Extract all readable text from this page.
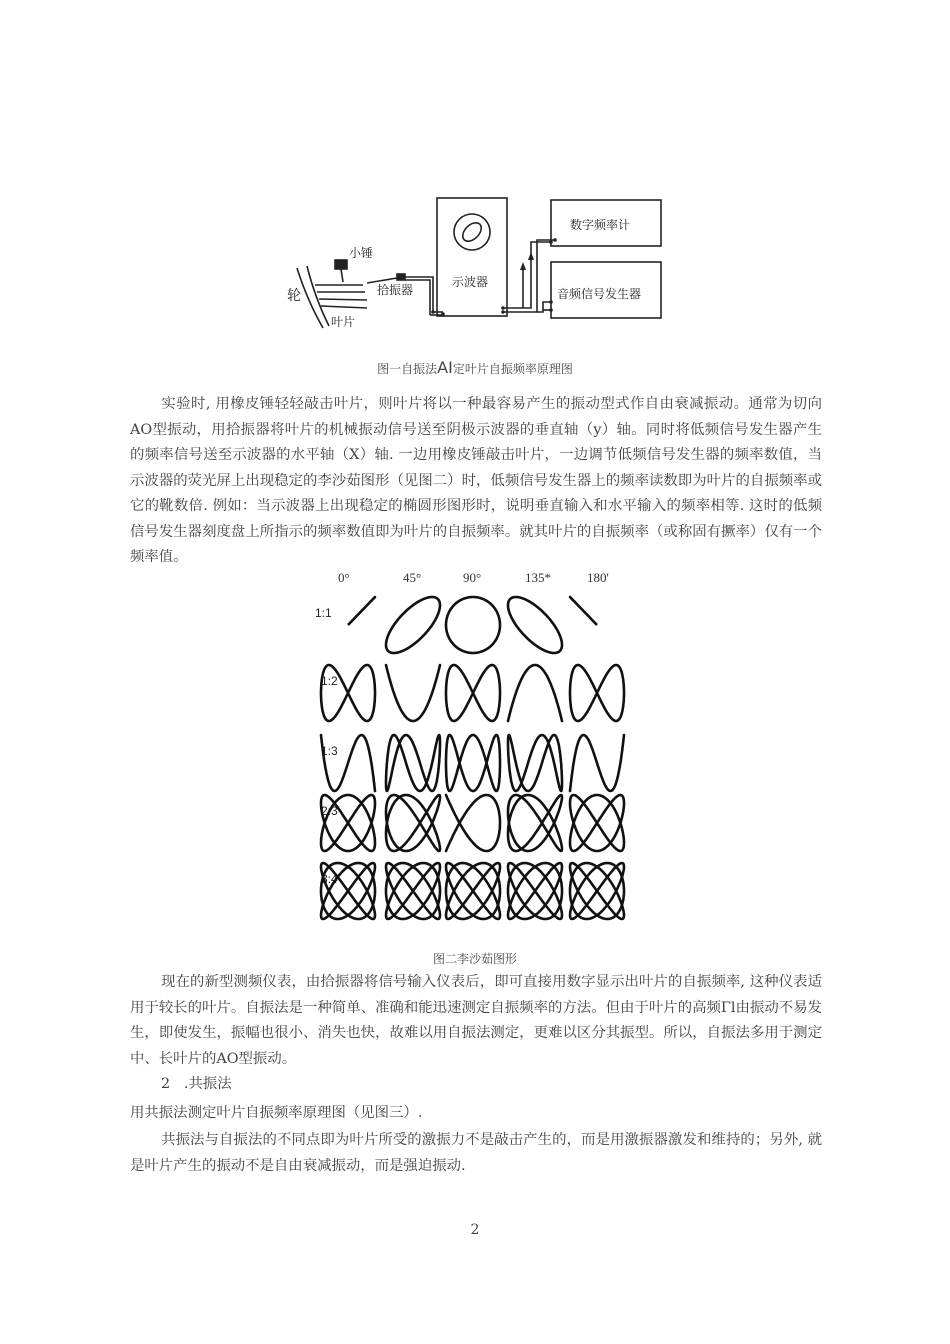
小锤
轮
叶片
拾振器
示波器
数字频率计
音频信号发生器
图一自振法AI定叶片自振频率原理图

实验时, 用橡皮锤轻轻敲击叶片，则叶片将以一种最容易产生的振动型式作自由衰减振动。通常为切向AO型振动，用拾振器将叶片的机械振动信号送至阴极示波器的垂直轴（y）轴。同时将低频信号发生器产生的频率信号送至示波器的水平轴（X）轴. 一边用橡皮锤敲击叶片，一边调节低频信号发生器的频率数值，当示波器的荧光屏上出现稳定的李沙茹图形（见图二）时，低频信号发生器上的频率读数即为叶片的自振频率或它的靴数倍. 例如：当示波器上出现稳定的椭圆形图形时，说明垂直输入和水平输入的频率相等. 这时的低频信号发生器刻度盘上所指示的频率数值即为叶片的自振频率。就其叶片的自振频率（或称固有撅率）仅有一个频率值。

0°	45°	90°	135*	180'
1:1
1:2
1:3
2:3
3:4
图二李沙茹图形

现在的新型测频仪表，由拾振器将信号输入仪表后，即可直接用数字显示出叶片的自振频率, 这种仪表适用于较长的叶片。自振法是一种简单、准确和能迅速测定自振频率的方法。但由于叶片的高频Γl由振动不易发生，即使发生，振幅也很小、消失也快，故难以用自振法测定，更难以区分其振型。所以，自振法多用于测定中、长叶片的AO型振动。

2 .共振法

用共振法测定叶片自振频率原理图（见图三）.

共振法与自振法的不同点即为叶片所受的激振力不是敲击产生的，而是用激振器激发和维持的；另外, 就是叶片产生的振动不是自由衰减振动，而是强迫振动.

2
